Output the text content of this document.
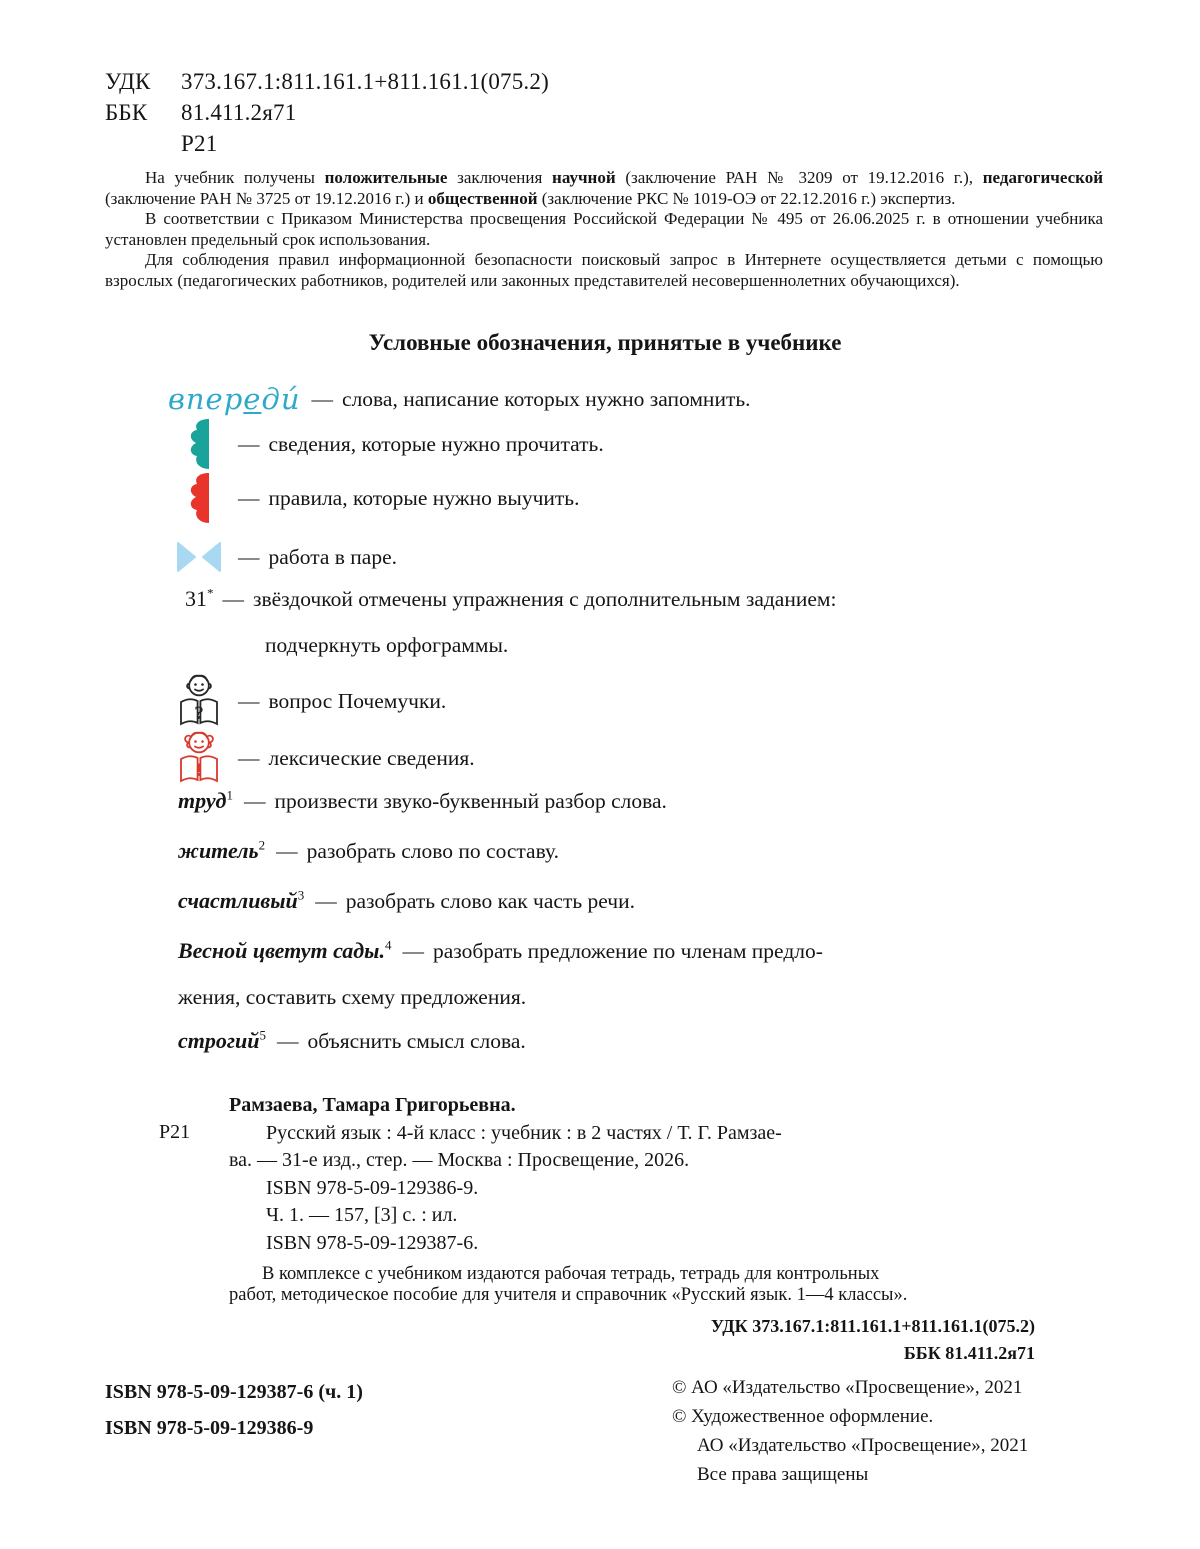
УДК 373.167.1:811.161.1+811.161.1(075.2)
ББК 81.411.2я71
Р21

На учебник получены положительные заключения научной (заключение РАН № 3209 от 19.12.2016 г.), педагогической (заключение РАН № 3725 от 19.12.2016 г.) и общественной (заключение РКС № 1019-ОЭ от 22.12.2016 г.) экспертиз.

В соответствии с Приказом Министерства просвещения Российской Федерации № 495 от 26.06.2025 г. в отношении учебника установлен предельный срок использования.

Для соблюдения правил информационной безопасности поисковый запрос в Интернете осуществляется детьми с помощью взрослых (педагогических работников, родителей или законных представителей несовершеннолетних обучающихся).

Условные обозначения, принятые в учебнике
впереди́ — слова, написание которых нужно запомнить.
— сведения, которые нужно прочитать.
— правила, которые нужно выучить.
— работа в паре.
31* — звёздочкой отмечены упражнения с дополнительным заданием:
подчеркнуть орфограммы.
?
— вопрос Почемучки.
!
— лексические сведения.
труд$^1$ — произвести звуко-буквенный разбор слова.
житель$^2$ — разобрать слово по составу.
счастливый$^3$ — разобрать слово как часть речи.
Весной цветут сады.$^4$ — разобрать предложение по членам предло-
жения, составить схему предложения.
строгий$^5$ — объяснить смысл слова.
Рамзаева, Тамара Григорьевна.
Р21	Русский язык : 4-й класс : учебник : в 2 частях / Т. Г. Рамзае-
ва. — 31-е изд., стер. — Москва : Просвещение, 2026.
ISBN 978-5-09-129386-9.
Ч. 1. — 157, [3] с. : ил.
ISBN 978-5-09-129387-6.
В комплексе с учебником издаются рабочая тетрадь, тетрадь для контрольных
работ, методическое пособие для учителя и справочник «Русский язык. 1—4 классы».
УДК 373.167.1:811.161.1+811.161.1(075.2)
ББК 81.411.2я71
ISBN 978-5-09-129387-6 (ч. 1)
ISBN 978-5-09-129386-9
© АО «Издательство «Просвещение», 2021
© Художественное оформление.
АО «Издательство «Просвещение», 2021
Все права защищены
